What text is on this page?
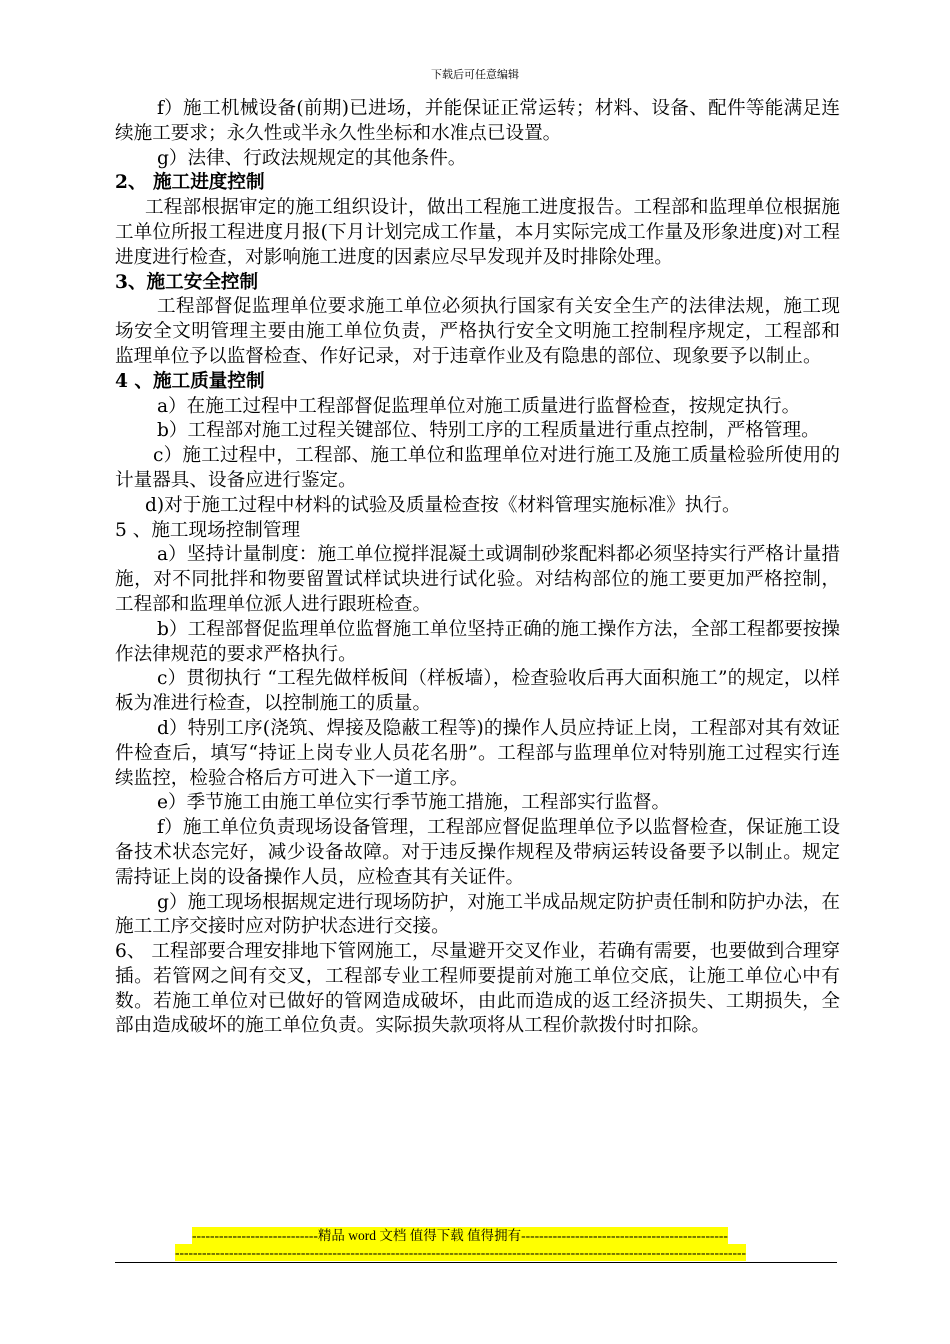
下载后可任意编辑

f）施工机械设备(前期)已进场，并能保证正常运转；材料、设备、配件等能满足连续施工要求；永久性或半永久性坐标和水准点已设置。

g）法律、行政法规规定的其他条件。

2、 施工进度控制

工程部根据审定的施工组织设计，做出工程施工进度报告。工程部和监理单位根据施工单位所报工程进度月报(下月计划完成工作量，本月实际完成工作量及形象进度)对工程进度进行检查，对影响施工进度的因素应尽早发现并及时排除处理。

3、施工安全控制

工程部督促监理单位要求施工单位必须执行国家有关安全生产的法律法规，施工现场安全文明管理主要由施工单位负责，严格执行安全文明施工控制程序规定，工程部和监理单位予以监督检查、作好记录，对于违章作业及有隐患的部位、现象要予以制止。

4 、施工质量控制

a）在施工过程中工程部督促监理单位对施工质量进行监督检查，按规定执行。

b）工程部对施工过程关键部位、特别工序的工程质量进行重点控制，严格管理。

c）施工过程中，工程部、施工单位和监理单位对进行施工及施工质量检验所使用的计量器具、设备应进行鉴定。

d)对于施工过程中材料的试验及质量检查按《材料管理实施标准》执行。

5 、施工现场控制管理

a）坚持计量制度：施工单位搅拌混凝土或调制砂浆配料都必须坚持实行严格计量措施，对不同批拌和物要留置试样试块进行试化验。对结构部位的施工要更加严格控制，工程部和监理单位派人进行跟班检查。

b）工程部督促监理单位监督施工单位坚持正确的施工操作方法，全部工程都要按操作法律规范的要求严格执行。

c）贯彻执行 “工程先做样板间（样板墙），检查验收后再大面积施工”的规定，以样板为准进行检查，以控制施工的质量。

d）特别工序(浇筑、焊接及隐蔽工程等)的操作人员应持证上岗，工程部对其有效证件检查后，填写“持证上岗专业人员花名册”。工程部与监理单位对特别施工过程实行连续监控，检验合格后方可进入下一道工序。

e）季节施工由施工单位实行季节施工措施，工程部实行监督。

f）施工单位负责现场设备管理，工程部应督促监理单位予以监督检查，保证施工设备技术状态完好，减少设备故障。对于违反操作规程及带病运转设备要予以制止。规定需持证上岗的设备操作人员，应检查其有关证件。

g）施工现场根据规定进行现场防护，对施工半成品规定防护责任制和防护办法，在施工工序交接时应对防护状态进行交接。

6、 工程部要合理安排地下管网施工，尽量避开交叉作业，若确有需要，也要做到合理穿插。若管网之间有交叉，工程部专业工程师要提前对施工单位交底，让施工单位心中有数。若施工单位对已做好的管网造成破坏，由此而造成的返工经济损失、工期损失，全部由造成破坏的施工单位负责。实际损失款项将从工程价款拨付时扣除。

----------------------------精品 word 文档 值得下载 值得拥有----------------------------------------------
-------------------------------------------------------------------------------------------------------------------------------
